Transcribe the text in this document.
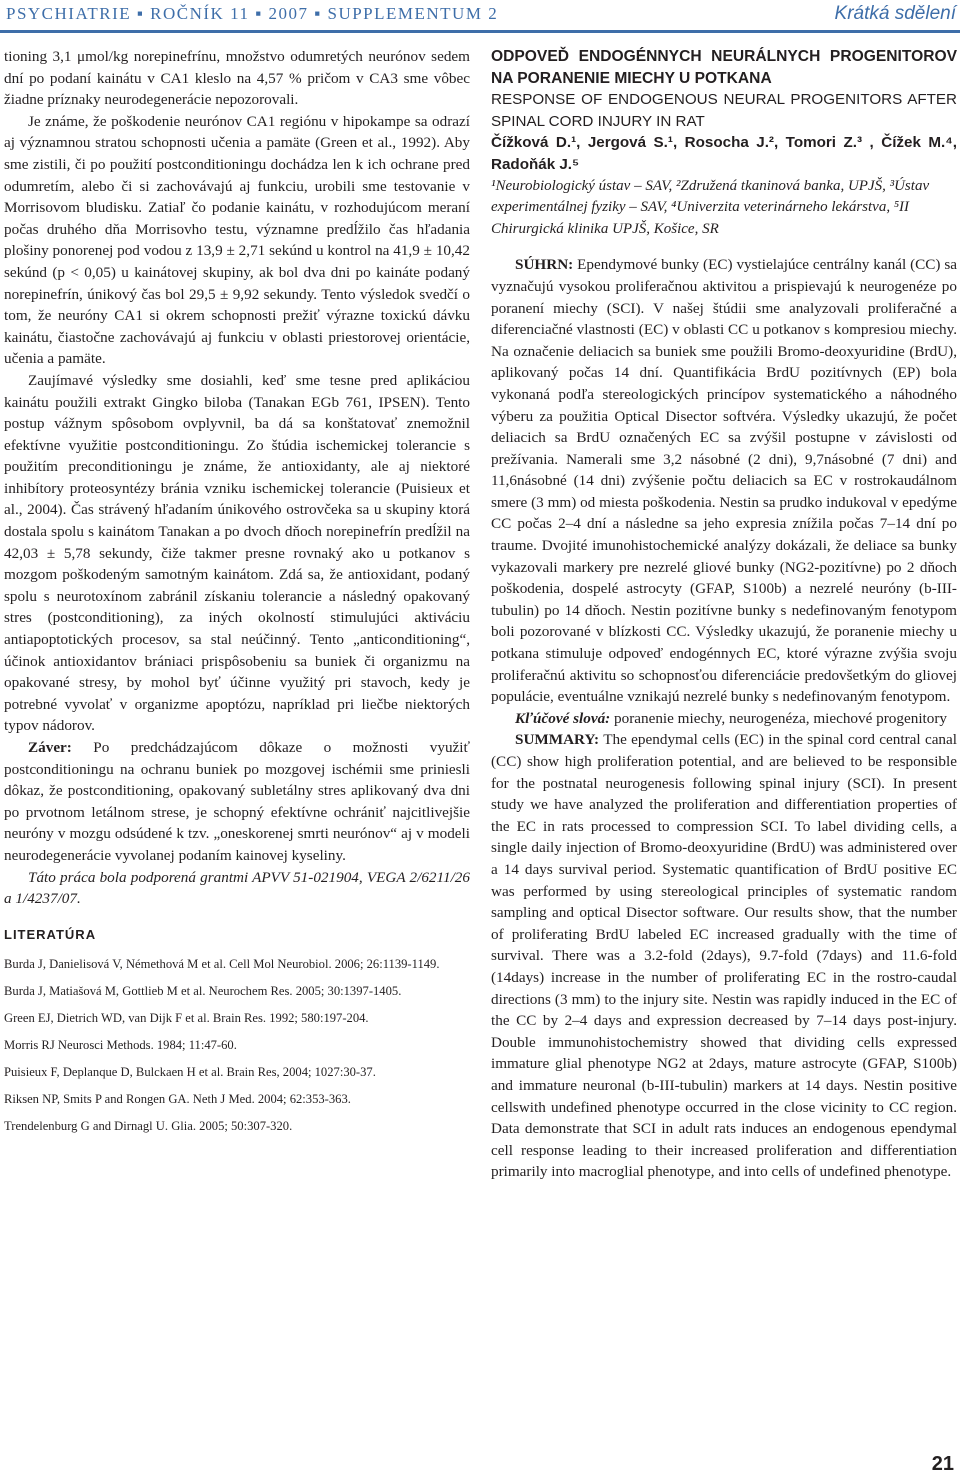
PSYCHIATRIE ▪ ROČNÍK 11 ▪ 2007 ▪ SUPPLEMENTUM 2	Krátká sdělení

tioning 3,1 μmol/kg norepinefrínu, množstvo odumretých neurónov sedem dní po podaní kainátu v CA1 kleslo na 4,57 % pričom v CA3 sme vôbec žiadne príznaky neurodegenerácie nepozorovali.

Je známe, že poškodenie neurónov CA1 regiónu v hipokampe sa odrazí aj významnou stratou schopnosti učenia a pamäte (Green et al., 1992). Aby sme zistili, či po použití postconditioningu dochádza len k ich ochrane pred odumretím, alebo či si zachovávajú aj funkciu, urobili sme testovanie v Morrisovom bludisku. Zatiaľ čo podanie kainátu, v rozhodujúcom meraní počas druhého dňa Morrisovho testu, významne predĺžilo čas hľadania plošiny ponorenej pod vodou z 13,9 ± 2,71 sekúnd u kontrol na 41,9 ± 10,42 sekúnd (p < 0,05) u kainátovej skupiny, ak bol dva dni po kaináte podaný norepinefrín, únikový čas bol 29,5 ± 9,92 sekundy. Tento výsledok svedčí o tom, že neuróny CA1 si okrem schopnosti prežiť výrazne toxickú dávku kainátu, čiastočne zachovávajú aj funkciu v oblasti priestorovej orientácie, učenia a pamäte.

Zaujímavé výsledky sme dosiahli, keď sme tesne pred aplikáciou kainátu použili extrakt Gingko biloba (Tanakan EGb 761, IPSEN). Tento postup vážnym spôsobom ovplyvnil, ba dá sa konštatovať znemožnil efektívne využitie postconditioningu. Zo štúdia ischemickej tolerancie s použitím preconditioningu je známe, že antioxidanty, ale aj niektoré inhibítory proteosyntézy bránia vzniku ischemickej tolerancie (Puisieux et al., 2004). Čas strávený hľadaním únikového ostrovčeka sa u skupiny ktorá dostala spolu s kainátom Tanakan a po dvoch dňoch norepinefrín predĺžil na 42,03 ± 5,78 sekundy, čiže takmer presne rovnaký ako u potkanov s mozgom poškodeným samotným kainátom. Zdá sa, že antioxidant, podaný spolu s neurotoxínom zabránil získaniu tolerancie a následný opakovaný stres (postconditioning), za iných okolností stimulujúci aktiváciu antiapoptotických procesov, sa stal neúčinný. Tento „anticonditioning“, účinok antioxidantov brániaci prispôsobeniu sa buniek či organizmu na opakované stresy, by mohol byť účinne využitý pri stavoch, kedy je potrebné vyvolať v organizme apoptózu, napríklad pri liečbe niektorých typov nádorov.

Záver: Po predchádzajúcom dôkaze o možnosti využiť postconditioningu na ochranu buniek po mozgovej ischémii sme priniesli dôkaz, že postconditioning, opakovaný subletálny stres aplikovaný dva dni po prvotnom letálnom strese, je schopný efektívne ochrániť najcitlivejšie neuróny v mozgu odsúdené k tzv. „oneskorenej smrti neurónov“ aj v modeli neurodegenerácie vyvolanej podaním kainovej kyseliny.

Táto práca bola podporená grantmi APVV 51-021904, VEGA 2/6211/26 a 1/4237/07.

LITERATÚRA
Burda J, Danielisová V, Némethová M et al. Cell Mol Neurobiol. 2006; 26:1139-1149.
Burda J, Matiašová M, Gottlieb M et al. Neurochem Res. 2005; 30:1397-1405.
Green EJ, Dietrich WD, van Dijk F et al. Brain Res. 1992; 580:197-204.
Morris RJ Neurosci Methods. 1984; 11:47-60.
Puisieux F, Deplanque D, Bulckaen H et al. Brain Res, 2004; 1027:30-37.
Riksen NP, Smits P and Rongen GA. Neth J Med. 2004; 62:353-363.
Trendelenburg G and Dirnagl U. Glia. 2005; 50:307-320.
ODPOVEĎ ENDOGÉNNYCH NEURÁLNYCH PROGENITOROV NA PORANENIE MIECHY U POTKANA
RESPONSE OF ENDOGENOUS NEURAL PROGENITORS AFTER SPINAL CORD INJURY IN RAT
Čížková D.¹, Jergová S.¹, Rosocha J.², Tomori Z.³ , Čížek M.⁴, Radoňák J.⁵
¹Neurobiologický ústav – SAV, ²Združená tkaninová banka, UPJŠ, ³Ústav experimentálnej fyziky – SAV, ⁴Univerzita veterinárneho lekárstva, ⁵II Chirurgická klinika UPJŠ, Košice, SR

SÚHRN: Ependymové bunky (EC) vystielajúce centrálny kanál (CC) sa vyznačujú vysokou proliferačnou aktivitou a prispievajú k neurogenéze po poranení miechy (SCI). V našej štúdii sme analyzovali proliferačné a diferenciačné vlastnosti (EC) v oblasti CC u potkanov s kompresiou miechy. Na označenie deliacich sa buniek sme použili Bromo-deoxyuridine (BrdU), aplikovaný počas 14 dní. Quantifikácia BrdU pozitívnych (EP) bola vykonaná podľa stereologických princípov systematického a náhodného výberu za použitia Optical Disector softvéra. Výsledky ukazujú, že počet deliacich sa BrdU označených EC sa zvýšil postupne v závislosti od prežívania. Namerali sme 3,2 násobné (2 dni), 9,7násobné (7 dni) and 11,6násobné (14 dni) zvýšenie počtu deliacich sa EC v rostrokaudálnom smere (3 mm) od miesta poškodenia. Nestin sa prudko indukoval v epedýme CC počas 2–4 dní a následne sa jeho expresia znížila počas 7–14 dní po traume. Dvojité imunohistochemické analýzy dokázali, že deliace sa bunky vykazovali markery pre nezrelé gliové bunky (NG2-pozitívne) po 2 dňoch poškodenia, dospelé astrocyty (GFAP, S100b) a nezrelé neuróny (b-III-tubulin) po 14 dňoch. Nestin pozitívne bunky s nedefinovaným fenotypom boli pozorované v blízkosti CC. Výsledky ukazujú, že poranenie miechy u potkana stimuluje odpoveď endogénnych EC, ktoré výrazne zvýšia svoju proliferačnú aktivitu so schopnosťou diferenciácie predovšetkým do gliovej populácie, eventuálne vznikajú nezrelé bunky s nedefinovaným fenotypom.

Kľúčové slová: poranenie miechy, neurogenéza, miechové progenitory

SUMMARY: The ependymal cells (EC) in the spinal cord central canal (CC) show high proliferation potential, and are believed to be responsible for the postnatal neurogenesis following spinal injury (SCI). In present study we have analyzed the proliferation and differentiation properties of the EC in rats processed to compression SCI. To label dividing cells, a single daily injection of Bromo-deoxyuridine (BrdU) was administered over a 14 days survival period. Systematic quantification of BrdU positive EC was performed by using stereological principles of systematic random sampling and optical Disector software. Our results show, that the number of proliferating BrdU labeled EC increased gradually with the time of survival. There was a 3.2-fold (2days), 9.7-fold (7days) and 11.6-fold (14days) increase in the number of proliferating EC in the rostro-caudal directions (3 mm) to the injury site. Nestin was rapidly induced in the EC of the CC by 2–4 days and expression decreased by 7–14 days post-injury. Double immunohistochemistry showed that dividing cells expressed immature glial phenotype NG2 at 2days, mature astrocyte (GFAP, S100b) and immature neuronal (b-III-tubulin) markers at 14 days. Nestin positive cellswith undefined phenotype occurred in the close vicinity to CC region. Data demonstrate that SCI in adult rats induces an endogenous ependymal cell response leading to their increased proliferation and differentiation primarily into macroglial phenotype, and into cells of undefined phenotype.

21
